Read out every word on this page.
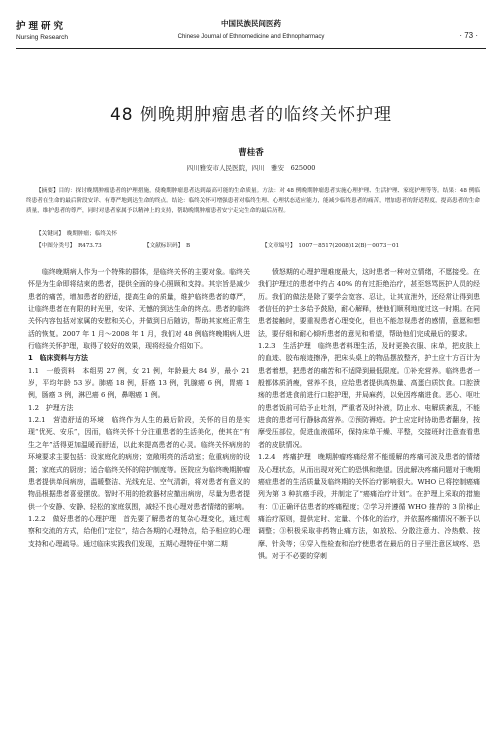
护理研究
Nursing Research
中国民族民间医药
Chinese Journal of Ethnomedicine and Ethnopharmacy	· 73 ·
48 例晚期肿瘤患者的临终关怀护理
曹桂香
四川雅安市人民医院，四川　雅安　625000

【摘要】目的：探讨晚期肿瘤患者的护理措施，使晚期肿瘤患者达到最高可能的生命质量。方法：对 48 例晚期肿瘤患者实施心理护理、生活护理、家庭护理等等。结果：48 例临终患者在生命的最后阶段安详、有尊严地到达生命的终点。结论：临终关怀可增强患者对临终生理、心理状态适应能力，能减少临终患者的痛苦，增加患者的舒适程度，提高患者的生命质量，维护患者的尊严，同时对患者家属予以精神上的支持，帮助晚期肿瘤患者安宁走完生命的最后历程。

【关键词】　晚期肿瘤；临终关怀
【中图分类号】　R473.73	【文献标识码】　B	【文章编号】　1007－8517(2008)12(B)－0073－01

临终晚期病人作为一个特殊的群体，是临终关怀的主要对象。临终关怀是为生命即将结束的患者，提供全面的身心照顾和支持。其宗旨是减少患者的痛苦，增加患者的舒适，提高生命的质量，维护临终患者的尊严，让临终患者在有限的时光里，安详、无憾的到达生命的终点。患者的临终关怀内容包括对家属的安慰和关心，并做到日后随访，帮助其家庭正常生活的恢复。2007 年 1 月～2008 年 1 月，我们对 48 例临终晚期病人进行临终关怀护理，取得了较好的效果，现将经验介绍如下。

1　临床资料与方法
1.1　一般资料　本组男 27 例，女 21 例，年龄最大 84 岁，最小 21 岁，平均年龄 53 岁。肺癌 18 例，肝癌 13 例，乳腺癌 6 例，胃癌 1 例，肠癌 3 例，淋巴癌 6 例，鼻咽癌 1 例。
1.2　护理方法
1.2.1　营造舒适的环境　临终作为人生的最后阶段，关怀的目的是实现“优死、安乐”，因而，临终关怀十分注重患者的生活美化，使其在“有生之年”活得更加温暖而舒适，以此来提高患者的心灵。临终关怀病房的环境要求主要包括：设家庭化的病房；宽敞明亮的活动室；危重病房的设置；家庭式的厨房；适合临终关怀的陪护制度等。医院应为临终晚期肿瘤患者提供单间病房，温暖整洁、光线充足、空气清新，将对患者有意义的物品根据患者喜爱摆放。智时不用的抢救器材应撤出病房，尽量为患者提供一个安静、安静、轻松的家庭氛围，减轻不良心理对患者情绪的影响。
1.2.2　做好患者的心理护理　首先要了解患者的复杂心理变化，通过观察和交流的方式，给他们“定位”，结合各期的心理特点，给予相应的心理支持和心理疏导。通过临床实践我们发现，五期心理特征中第二期

愤怒期的心理护理难度最大，这时患者一种对立情绪，不愿接受。在我们护理过的患者中约占 40% 的有过拒绝治疗，甚至怒骂医护人员的经历。我们的做法是除了要学会宽容、忍让，让其宣泄外，还经常让得到患者信任的护士多给予鼓励，耐心解释，使他们顺利地度过这一时期。在同患者接触时，要重视患者心理变化，但也不能忽视患者的感情，意愿和想法，要仔细和耐心倾听患者的意见和希望，帮助他们完成最后的要求。

1.2.3　生活护理　临终患者料理生活，及时更换衣服、床单，把皮肤上的血迹、胶布痕迹擦净，把床头桌上的物品摆放整齐，护士应十方百计为患者着想，把患者的痛苦和不适降到最低限度。①补充营养。临终患者一般都体质消瘦，营养不良，应给患者提供高热量、高蛋白质饮食。口腔溃疡的患者进食前进行口腔护理，并局麻药，以免因疼痛进食。恶心、呕吐的患者饭前可给予止吐剂，严重者及时补液，防止水、电解质紊乱，不能进食的患者可行静脉高营养。②预防褥疮。护士应定时协助患者翻身，按摩受压部位，促进血液循环，保持床单干燥、平整，交接班时注意查看患者的皮肤情况。
1.2.4　疼痛护理　晚期肿瘤疼痛经常不能缓解的疼痛可波及患者的情绪及心理状态，从而出现对死亡的恐惧和绝望。因此解决疼痛问题对于晚期癌症患者的生活质量及临终期的关怀治疗影响很大。WHO 已将控制癌痛列为第 3 种抗癌手段，并制定了“癌痛治疗计划”。在护理上采取的措施有：①正确评估患者的疼痛程度；②学习并遵循 WHO 推荐的 3 阶梯止痛治疗原则，提供定时、定量、个体化的治疗，并依据疼痛情况不断予以调整；③积极采取非药物止痛方法，如放松、分散注意力、冷热敷、按摩、针灸等；④穿入性检查和治疗使患者在最后的日子里注意区域疼、恐惧。对于不必要的穿刺
